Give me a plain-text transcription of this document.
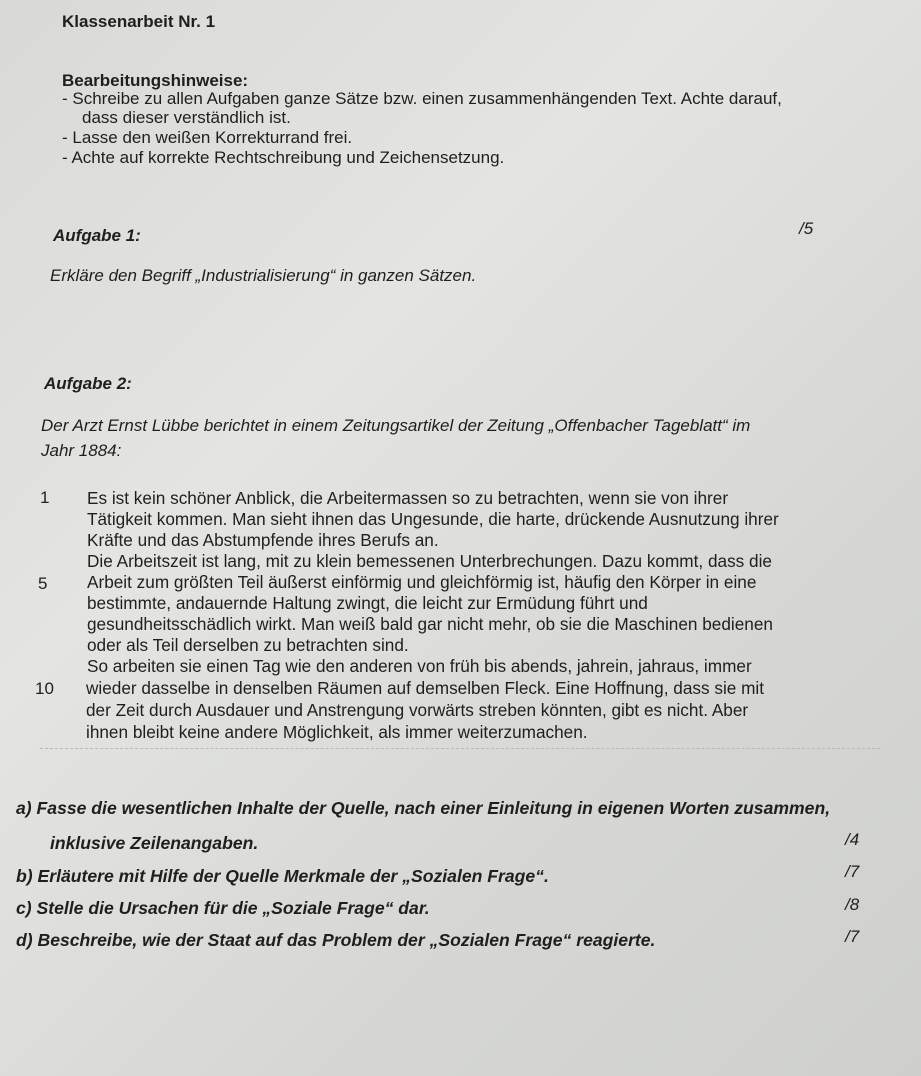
Klassenarbeit Nr. 1
Bearbeitungshinweise:
- Schreibe zu allen Aufgaben ganze Sätze bzw. einen zusammenhängenden Text. Achte darauf,
dass dieser verständlich ist.
- Lasse den weißen Korrekturrand frei.
- Achte auf korrekte Rechtschreibung und Zeichensetzung.
Aufgabe 1:	/5
Erkläre den Begriff „Industrialisierung“ in ganzen Sätzen.
Aufgabe 2:
Der Arzt Ernst Lübbe berichtet in einem Zeitungsartikel der Zeitung „Offenbacher Tageblatt“ im
Jahr 1884:
1
5
10
Es ist kein schöner Anblick, die Arbeitermassen so zu betrachten, wenn sie von ihrer
Tätigkeit kommen. Man sieht ihnen das Ungesunde, die harte, drückende Ausnutzung ihrer
Kräfte und das Abstumpfende ihres Berufs an.
Die Arbeitszeit ist lang, mit zu klein bemessenen Unterbrechungen. Dazu kommt, dass die
Arbeit zum größten Teil äußerst einförmig und gleichförmig ist, häufig den Körper in eine
bestimmte, andauernde Haltung zwingt, die leicht zur Ermüdung führt und
gesundheitsschädlich wirkt. Man weiß bald gar nicht mehr, ob sie die Maschinen bedienen
oder als Teil derselben zu betrachten sind.
So arbeiten sie einen Tag wie den anderen von früh bis abends, jahrein, jahraus, immer
wieder dasselbe in denselben Räumen auf demselben Fleck. Eine Hoffnung, dass sie mit
der Zeit durch Ausdauer und Anstrengung vorwärts streben könnten, gibt es nicht. Aber
ihnen bleibt keine andere Möglichkeit, als immer weiterzumachen.
a) Fasse die wesentlichen Inhalte der Quelle, nach einer Einleitung in eigenen Worten zusammen,
inklusive Zeilenangaben.	/4
b) Erläutere mit Hilfe der Quelle Merkmale der „Sozialen Frage“.	/7
c) Stelle die Ursachen für die „Soziale Frage“ dar.	/8
d) Beschreibe, wie der Staat auf das Problem der „Sozialen Frage“ reagierte.	/7
